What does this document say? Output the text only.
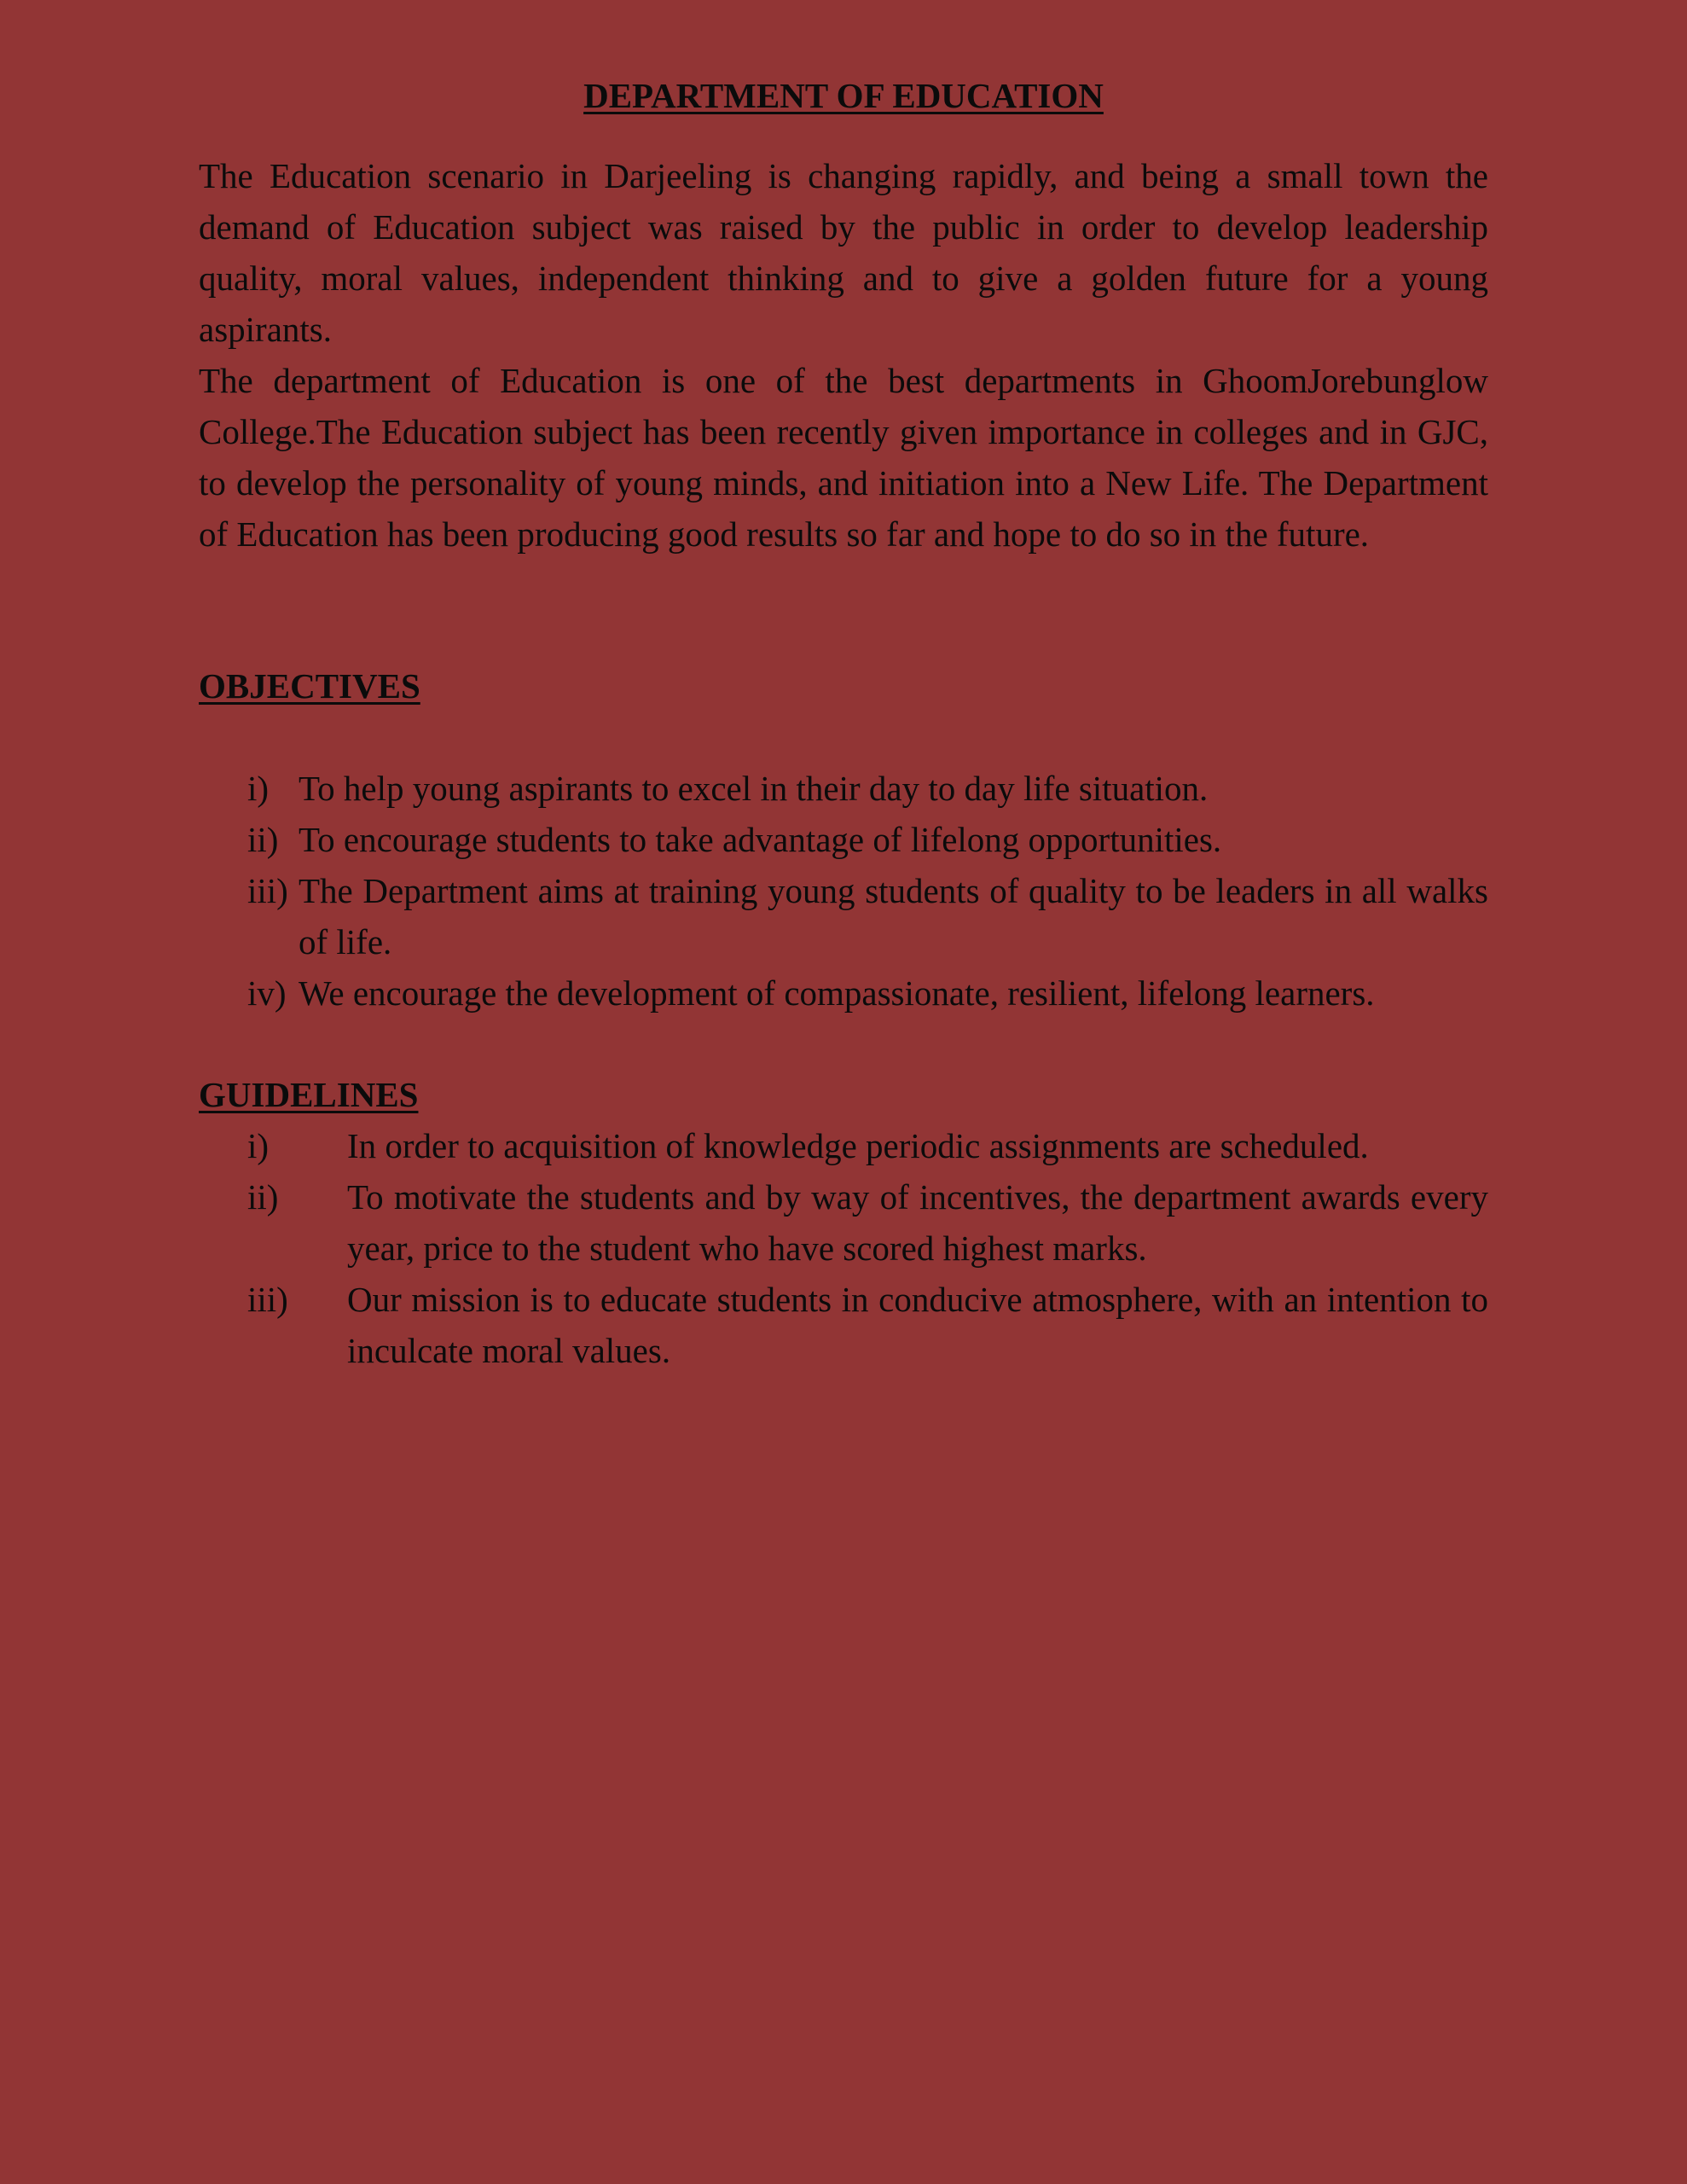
DEPARTMENT OF EDUCATION

The Education scenario in Darjeeling is changing rapidly, and being a small town the demand of Education subject was raised by the public in order to develop leadership quality, moral values, independent thinking and to give a golden future for a young aspirants.

The department of Education is one of the best departments in GhoomJorebunglow College.The Education subject has been recently given importance in colleges and in GJC, to develop the personality of young minds, and initiation into a New Life. The Department of Education has been producing good results so far and hope to do so in the future.

OBJECTIVES
i) To help young aspirants to excel in their day to day life situation.
ii) To encourage students to take advantage of lifelong opportunities.
iii) The Department aims at training young students of quality to be leaders in all walks of life.
iv) We encourage the development of compassionate, resilient, lifelong learners.
GUIDELINES
i)	In order to acquisition of knowledge periodic assignments are scheduled.
ii)	To motivate the students and by way of incentives, the department awards every year, price to the student who have scored highest marks.
iii)	Our mission is to educate students in conducive atmosphere, with an intention to inculcate moral values.
